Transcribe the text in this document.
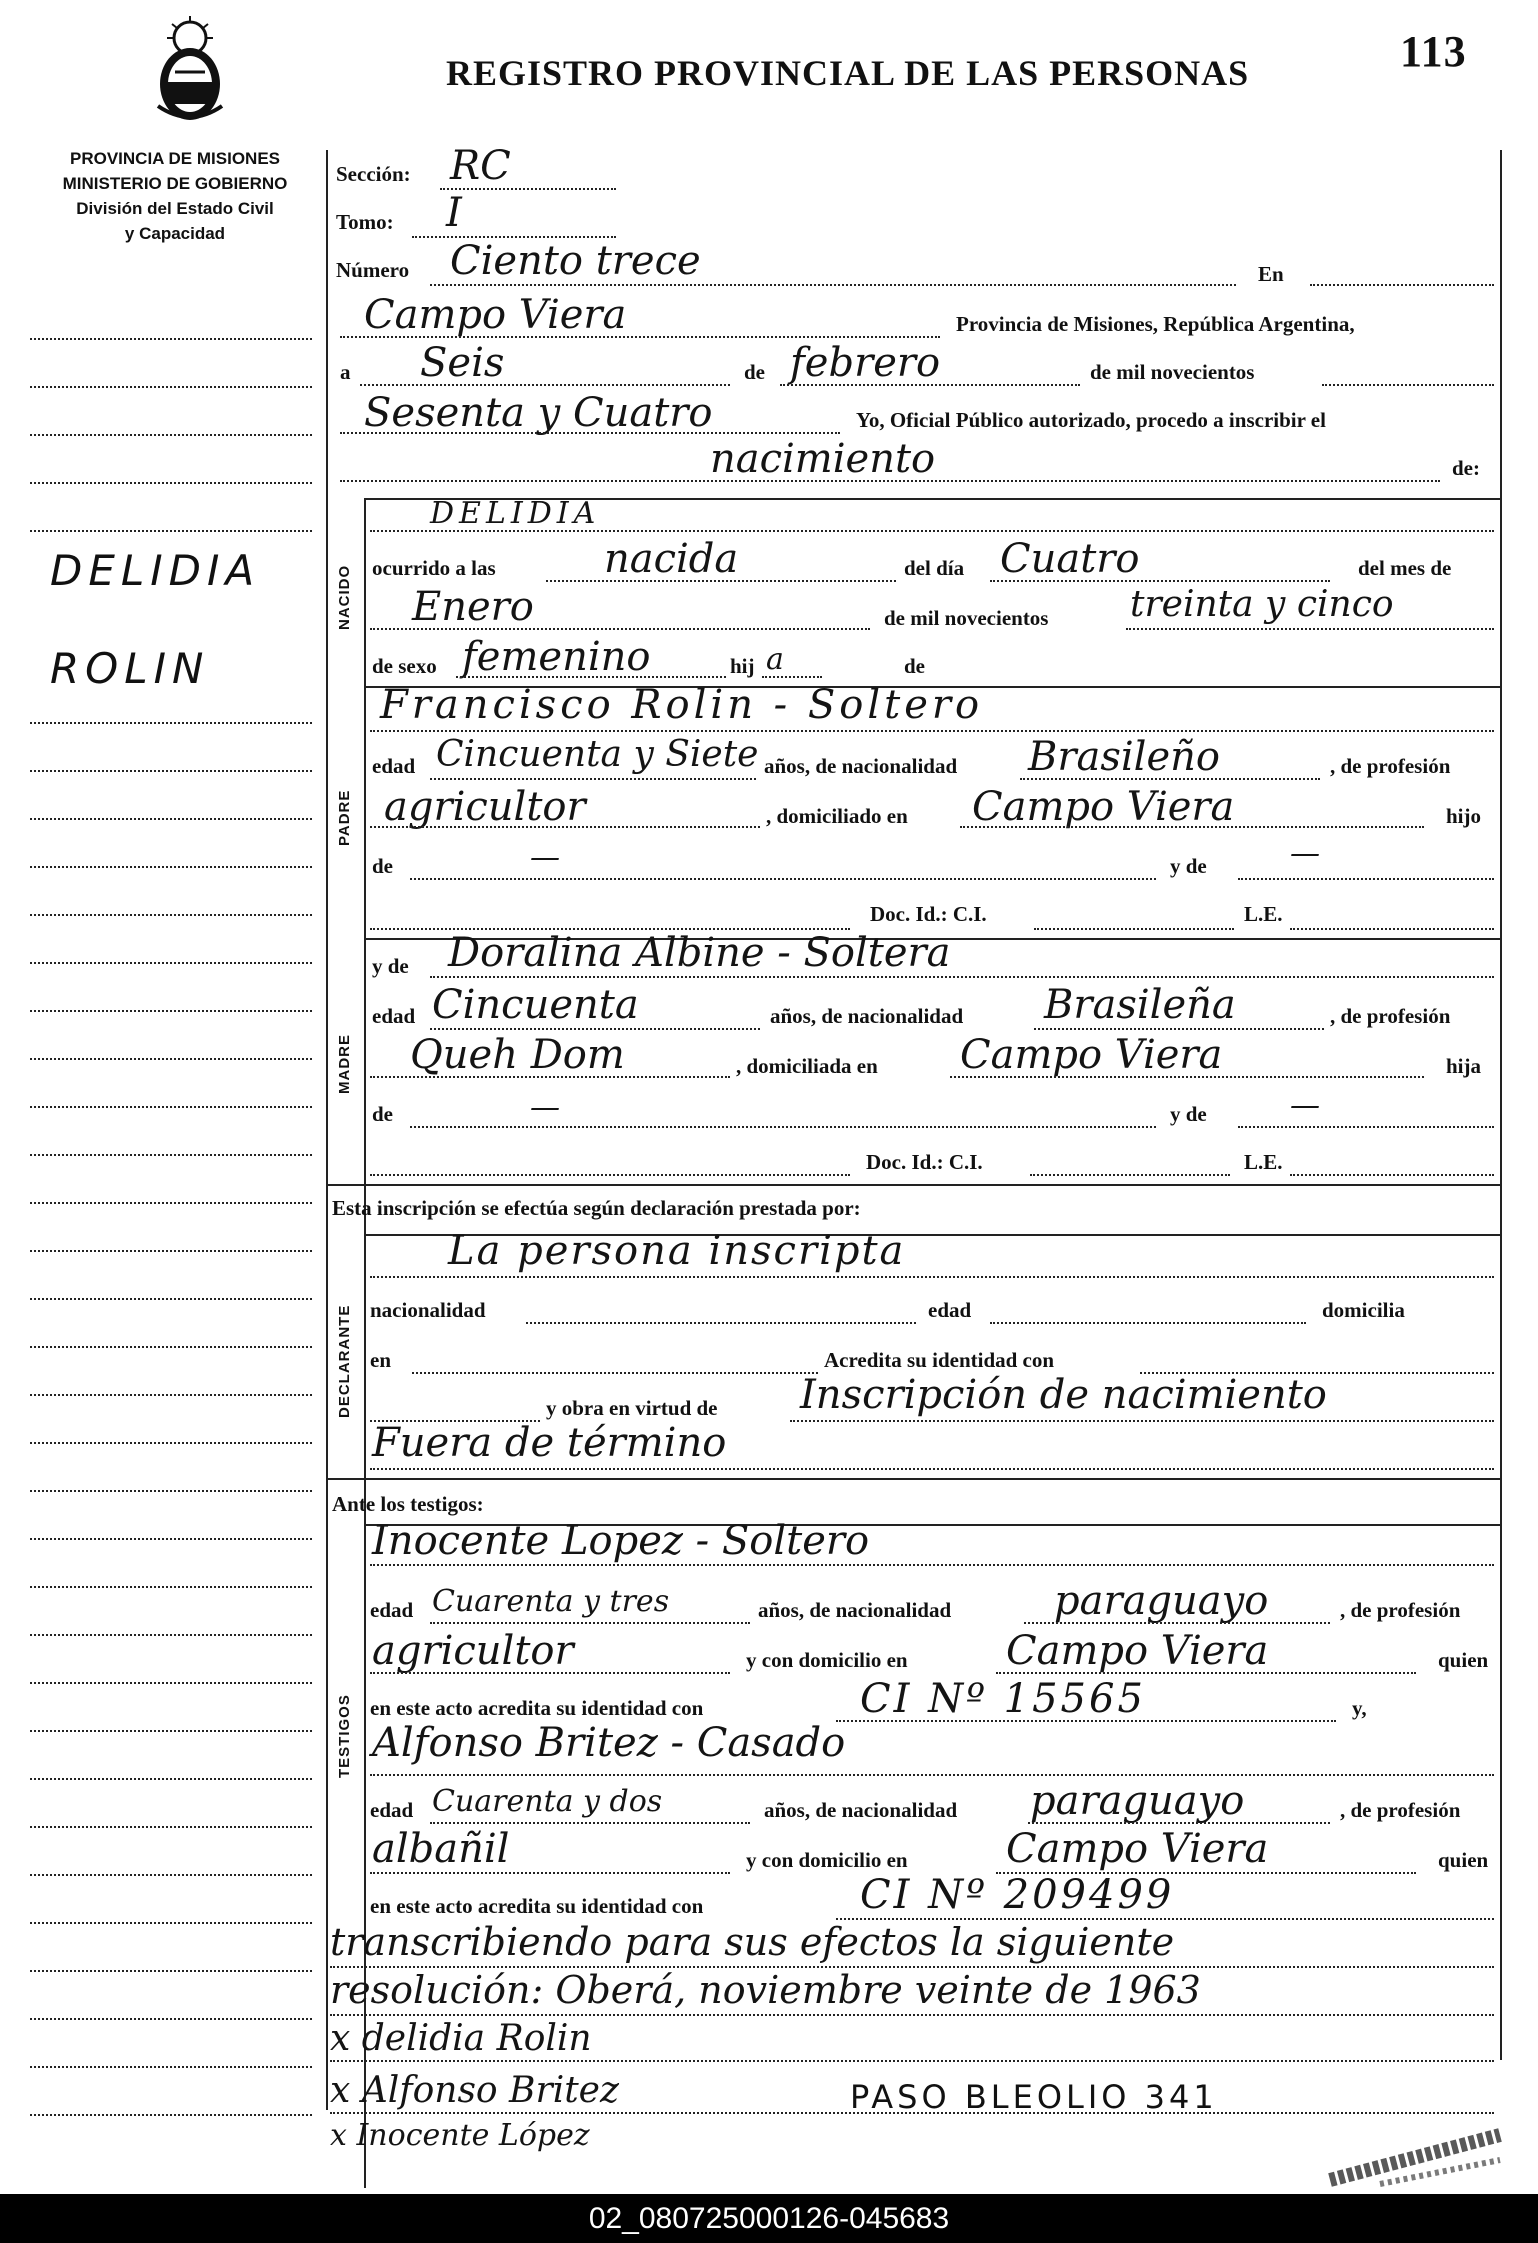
REGISTRO PROVINCIAL DE LAS PERSONAS	113
PROVINCIA DE MISIONES
MINISTERIO DE GOBIERNO
División del Estado Civil
y Capacidad
DELIDIA
ROLIN
Sección: RC
Tomo: I
Número Ciento trece	En
Campo Viera	Provincia de Misiones, República Argentina,
a Seis	de febrero	de mil novecientos
Sesenta y Cuatro	Yo, Oficial Público autorizado, procedo a inscribir el
nacimiento	de:
NACIDO
DELIDIA
ocurrido a las	nacida	del día Cuatro	del mes de
Enero	de mil novecientos treinta y cinco
de sexo femenino	hij a	de
PADRE
Francisco Rolin - Soltero
edad Cincuenta y Siete años, de nacionalidad Brasileño	, de profesión
agricultor	, domiciliado en Campo Viera	hijo
de	—	y de	—
Doc. Id.: C.I.	L.E.
MADRE
y de Doralina Albine - Soltera
edad Cincuenta	años, de nacionalidad Brasileña	, de profesión
Queh Dom	, domiciliada en Campo Viera	hija
de	—	y de	—
Doc. Id.: C.I.	L.E.
Esta inscripción se efectúa según declaración prestada por:
DECLARANTE
La persona inscripta
nacionalidad	edad	domicilia
en	Acredita su identidad con
y obra en virtud de Inscripción de nacimiento
Fuera de término
Ante los testigos:
TESTIGOS
Inocente Lopez - Soltero
edad Cuarenta y tres	años, de nacionalidad	paraguayo	, de profesión
agricultor	y con domicilio en Campo Viera	quien
en este acto acredita su identidad con	CI Nº 15565	y,
Alfonso Britez - Casado
edad Cuarenta y dos	años, de nacionalidad paraguayo	, de profesión
albañil	y con domicilio en Campo Viera	quien
en este acto acredita su identidad con	CI Nº 209499
transcribiendo para sus efectos la siguiente
resolución: Oberá, noviembre veinte de 1963
x delidia Rolin
x Alfonso Britez	PASO BLEOLIO 341
x Inocente López
02_080725000126-045683
